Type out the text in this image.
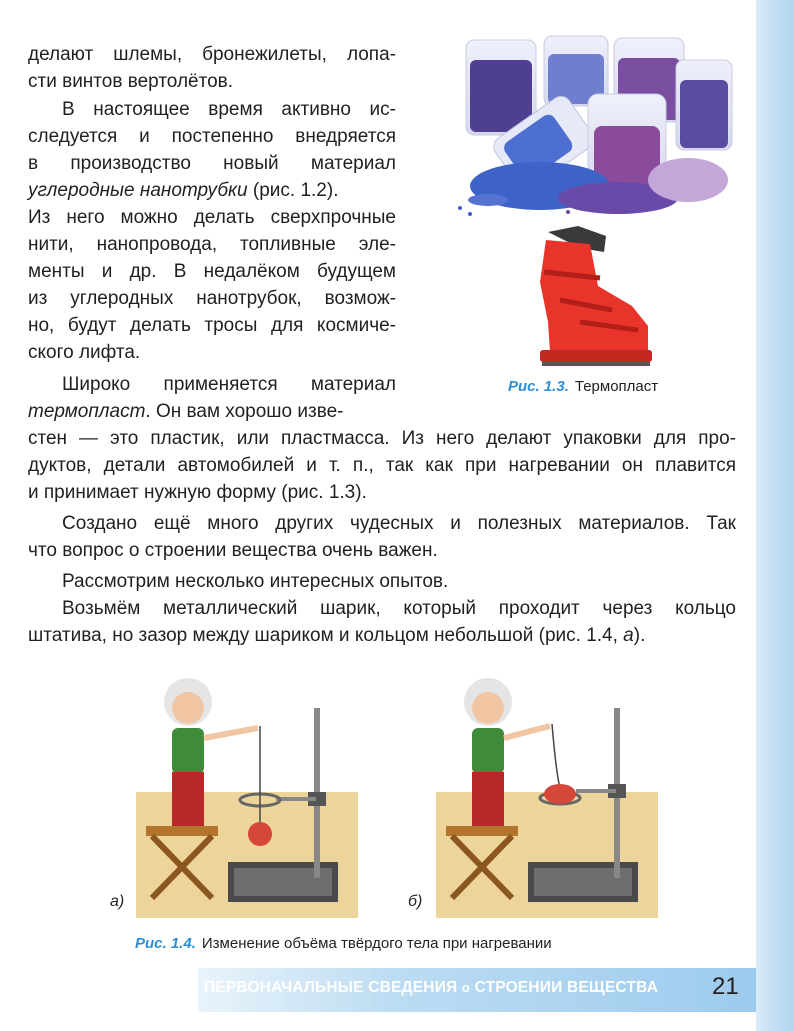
делают шлемы, бронежилеты, лопа-
сти винтов вертолётов.
В настоящее время активно ис-
следуется и постепенно внедряется
в производство новый материал
углеродные нанотрубки (рис. 1.2).
Из него можно делать сверхпрочные
нити, нанопровода, топливные эле-
менты и др. В недалёком будущем
из углеродных нанотрубок, возмож-
но, будут делать тросы для космиче-
ского лифта.
Широко применяется материал
термопласт. Он вам хорошо изве-
стен — это пластик, или пластмасса. Из него делают упаковки для про-
дуктов, детали автомобилей и т. п., так как при нагревании он плавится
и принимает нужную форму (рис. 1.3).
Создано ещё много других чудесных и полезных материалов. Так
что вопрос о строении вещества очень важен.
Рассмотрим несколько интересных опытов.
Возьмём металлический шарик, который проходит через кольцо
штатива, но зазор между шариком и кольцом небольшой (рис. 1.4, а).
Рис. 1.3. Термопласт
а)	б)
Рис. 1.4. Изменение объёма твёрдого тела при нагревании
ПЕРВОНАЧАЛЬНЫЕ СВЕДЕНИЯ о СТРОЕНИИ ВЕЩЕСТВА 21
